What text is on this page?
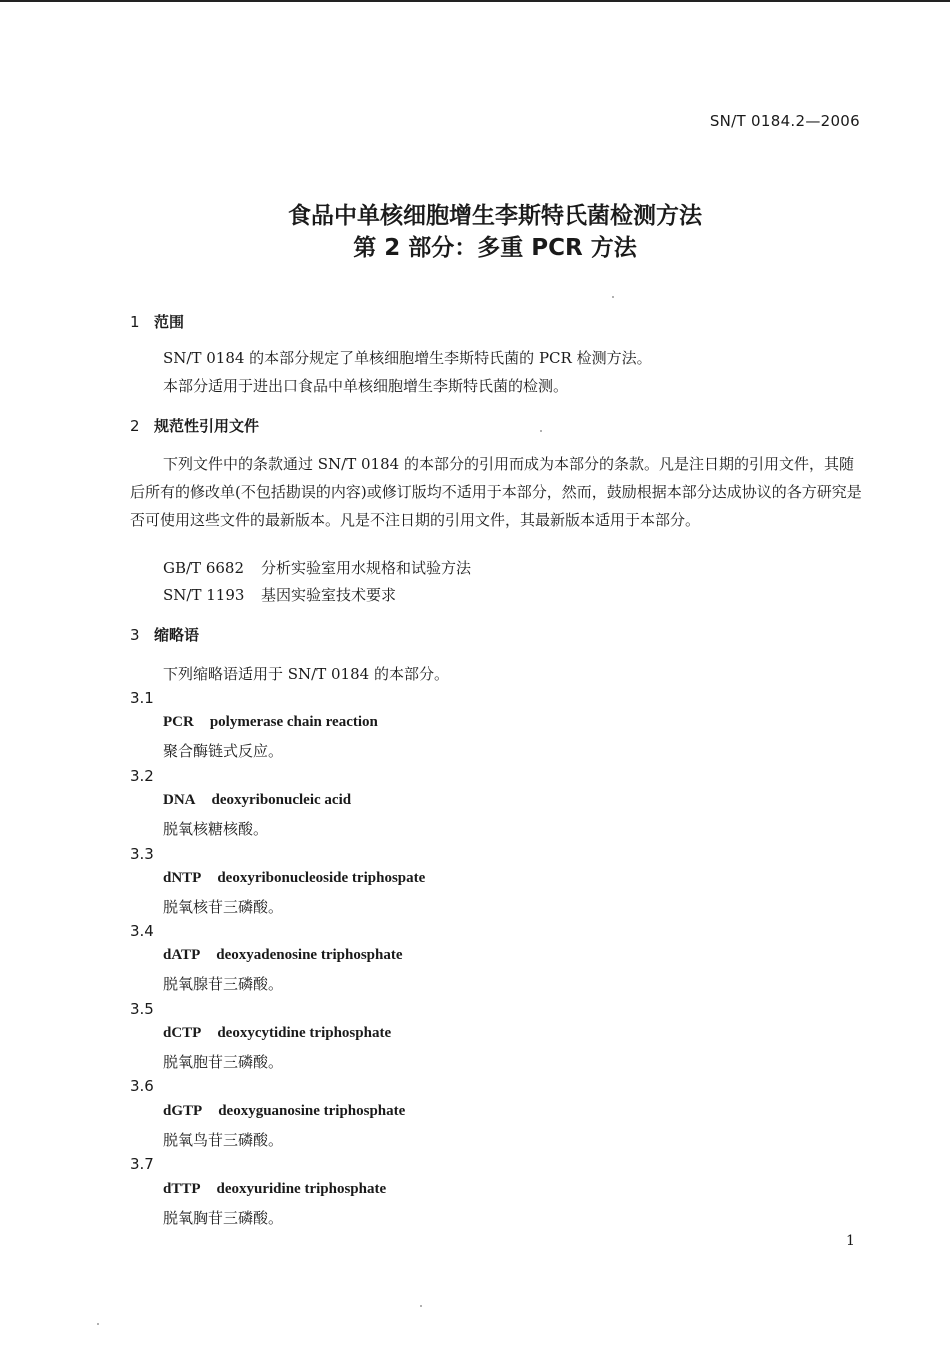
SN/T 0184.2—2006
食品中单核细胞增生李斯特氏菌检测方法
第 2 部分：多重 PCR 方法
1 范围
SN/T 0184 的本部分规定了单核细胞增生李斯特氏菌的 PCR 检测方法。
本部分适用于进出口食品中单核细胞增生李斯特氏菌的检测。
2 规范性引用文件
下列文件中的条款通过 SN/T 0184 的本部分的引用而成为本部分的条款。凡是注日期的引用文件，其随后所有的修改单(不包括勘误的内容)或修订版均不适用于本部分，然而，鼓励根据本部分达成协议的各方研究是否可使用这些文件的最新版本。凡是不注日期的引用文件，其最新版本适用于本部分。
GB/T 6682 分析实验室用水规格和试验方法
SN/T 1193 基因实验室技术要求
3 缩略语
下列缩略语适用于 SN/T 0184 的本部分。
3.1
PCR polymerase chain reaction
聚合酶链式反应。
3.2
DNA deoxyribonucleic acid
脱氧核糖核酸。
3.3
dNTP deoxyribonucleoside triphospate
脱氧核苷三磷酸。
3.4
dATP deoxyadenosine triphosphate
脱氧腺苷三磷酸。
3.5
dCTP deoxycytidine triphosphate
脱氧胞苷三磷酸。
3.6
dGTP deoxyguanosine triphosphate
脱氧鸟苷三磷酸。
3.7
dTTP deoxyuridine triphosphate
脱氧胸苷三磷酸。
1
